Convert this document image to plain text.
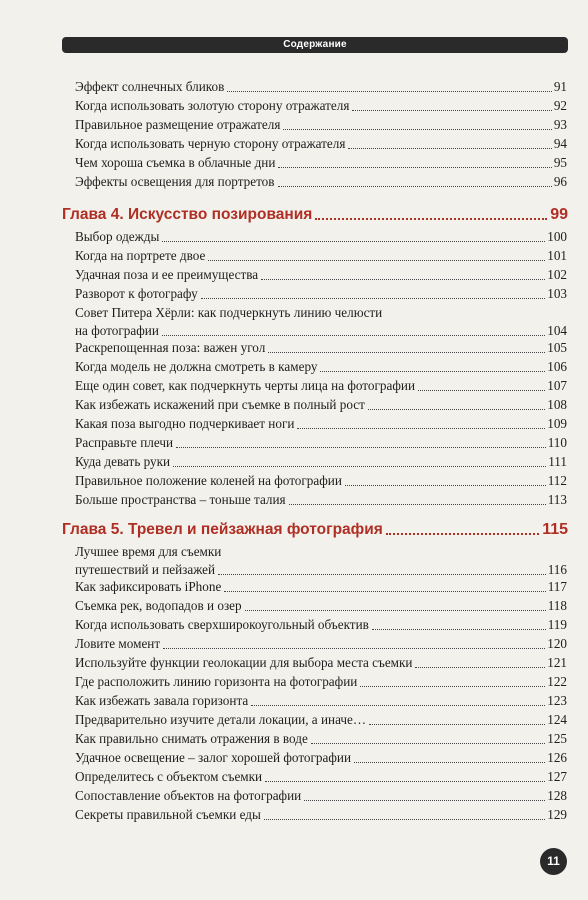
Содержание
Эффект солнечных бликов	91
Когда использовать золотую сторону отражателя	92
Правильное размещение отражателя	93
Когда использовать черную сторону отражателя	94
Чем хороша съемка в облачные дни	95
Эффекты освещения для портретов	96
Глава 4. Искусство позирования	99
Выбор одежды	100
Когда на портрете двое	101
Удачная поза и ее преимущества	102
Разворот к фотографу	103
Совет Питера Хёрли: как подчеркнуть линию челюсти
на фотографии	104
Раскрепощенная поза: важен угол	105
Когда модель не должна смотреть в камеру	106
Еще один совет, как подчеркнуть черты лица на фотографии	107
Как избежать искажений при съемке в полный рост	108
Какая поза выгодно подчеркивает ноги	109
Расправьте плечи	110
Куда девать руки	111
Правильное положение коленей на фотографии	112
Больше пространства – тоньше талия	113
Глава 5. Тревел и пейзажная фотография	115
Лучшее время для съемки
путешествий и пейзажей	116
Как зафиксировать iPhone	117
Съемка рек, водопадов и озер	118
Когда использовать сверхширокоугольный объектив	119
Ловите момент	120
Используйте функции геолокации для выбора места съемки	121
Где расположить линию горизонта на фотографии	122
Как избежать завала горизонта	123
Предварительно изучите детали локации, а иначе…	124
Как правильно снимать отражения в воде	125
Удачное освещение – залог хорошей фотографии	126
Определитесь с объектом съемки	127
Сопоставление объектов на фотографии	128
Секреты правильной съемки еды	129
11
